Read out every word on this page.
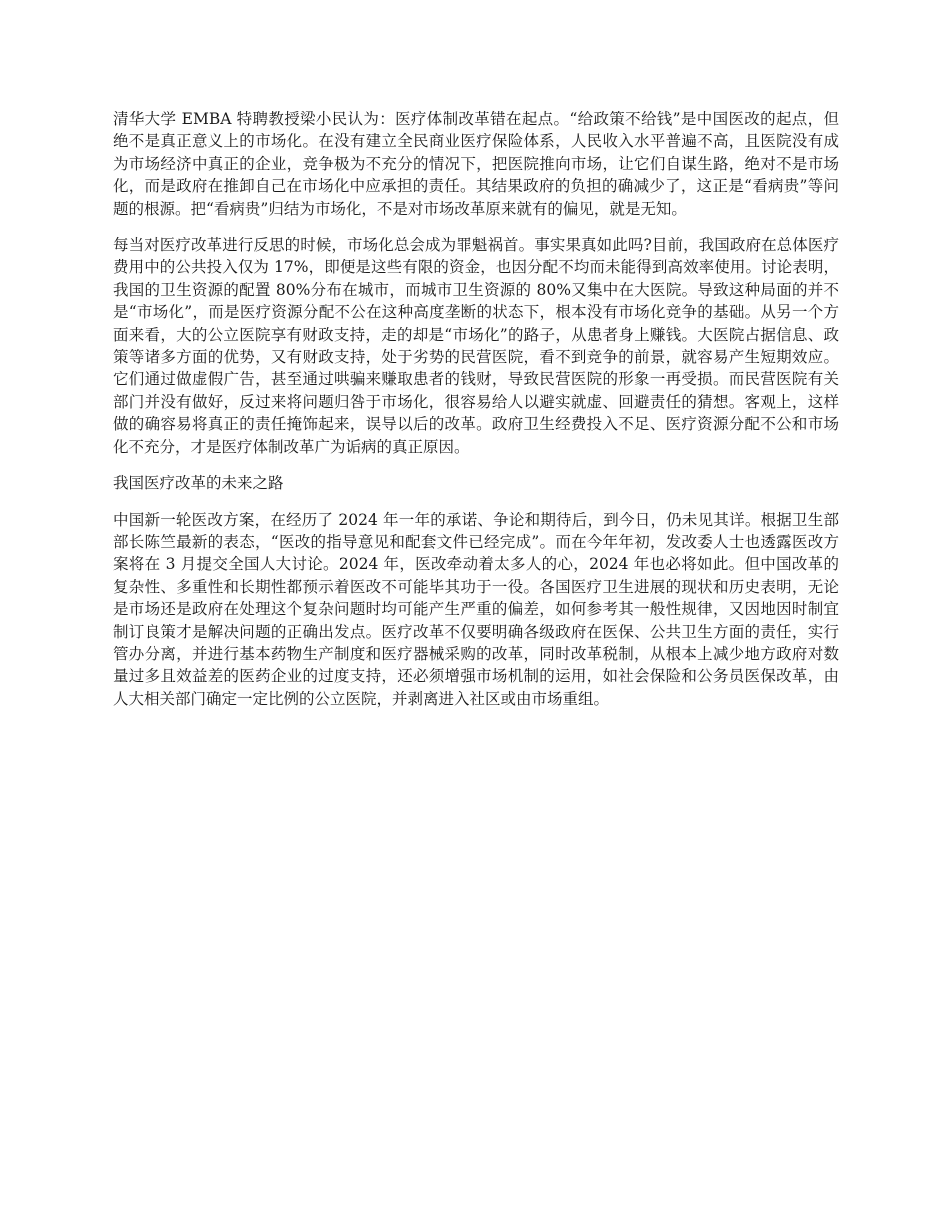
清华大学 EMBA 特聘教授梁小民认为：医疗体制改革错在起点。“给政策不给钱”是中国医改的起点，但绝不是真正意义上的市场化。在没有建立全民商业医疗保险体系，人民收入水平普遍不高，且医院没有成为市场经济中真正的企业，竞争极为不充分的情况下，把医院推向市场，让它们自谋生路，绝对不是市场化，而是政府在推卸自己在市场化中应承担的责任。其结果政府的负担的确减少了，这正是“看病贵”等问题的根源。把“看病贵”归结为市场化，不是对市场改革原来就有的偏见，就是无知。

每当对医疗改革进行反思的时候，市场化总会成为罪魁祸首。事实果真如此吗?目前，我国政府在总体医疗费用中的公共投入仅为 17%，即便是这些有限的资金，也因分配不均而未能得到高效率使用。讨论表明，我国的卫生资源的配置 80%分布在城市，而城市卫生资源的 80%又集中在大医院。导致这种局面的并不是“市场化”，而是医疗资源分配不公在这种高度垄断的状态下，根本没有市场化竞争的基础。从另一个方面来看，大的公立医院享有财政支持，走的却是“市场化”的路子，从患者身上赚钱。大医院占据信息、政策等诸多方面的优势，又有财政支持，处于劣势的民营医院，看不到竞争的前景，就容易产生短期效应。它们通过做虚假广告，甚至通过哄骗来赚取患者的钱财，导致民营医院的形象一再受损。而民营医院有关部门并没有做好，反过来将问题归咎于市场化，很容易给人以避实就虚、回避责任的猜想。客观上，这样做的确容易将真正的责任掩饰起来，误导以后的改革。政府卫生经费投入不足、医疗资源分配不公和市场化不充分，才是医疗体制改革广为诟病的真正原因。

我国医疗改革的未来之路

中国新一轮医改方案，在经历了 2024 年一年的承诺、争论和期待后，到今日，仍未见其详。根据卫生部部长陈竺最新的表态，“医改的指导意见和配套文件已经完成”。而在今年年初，发改委人士也透露医改方案将在 3 月提交全国人大讨论。2024 年，医改牵动着太多人的心，2024 年也必将如此。但中国改革的复杂性、多重性和长期性都预示着医改不可能毕其功于一役。各国医疗卫生进展的现状和历史表明，无论是市场还是政府在处理这个复杂问题时均可能产生严重的偏差，如何参考其一般性规律，又因地因时制宜制订良策才是解决问题的正确出发点。医疗改革不仅要明确各级政府在医保、公共卫生方面的责任，实行管办分离，并进行基本药物生产制度和医疗器械采购的改革，同时改革税制，从根本上减少地方政府对数量过多且效益差的医药企业的过度支持，还必须增强市场机制的运用，如社会保险和公务员医保改革，由人大相关部门确定一定比例的公立医院，并剥离进入社区或由市场重组。
